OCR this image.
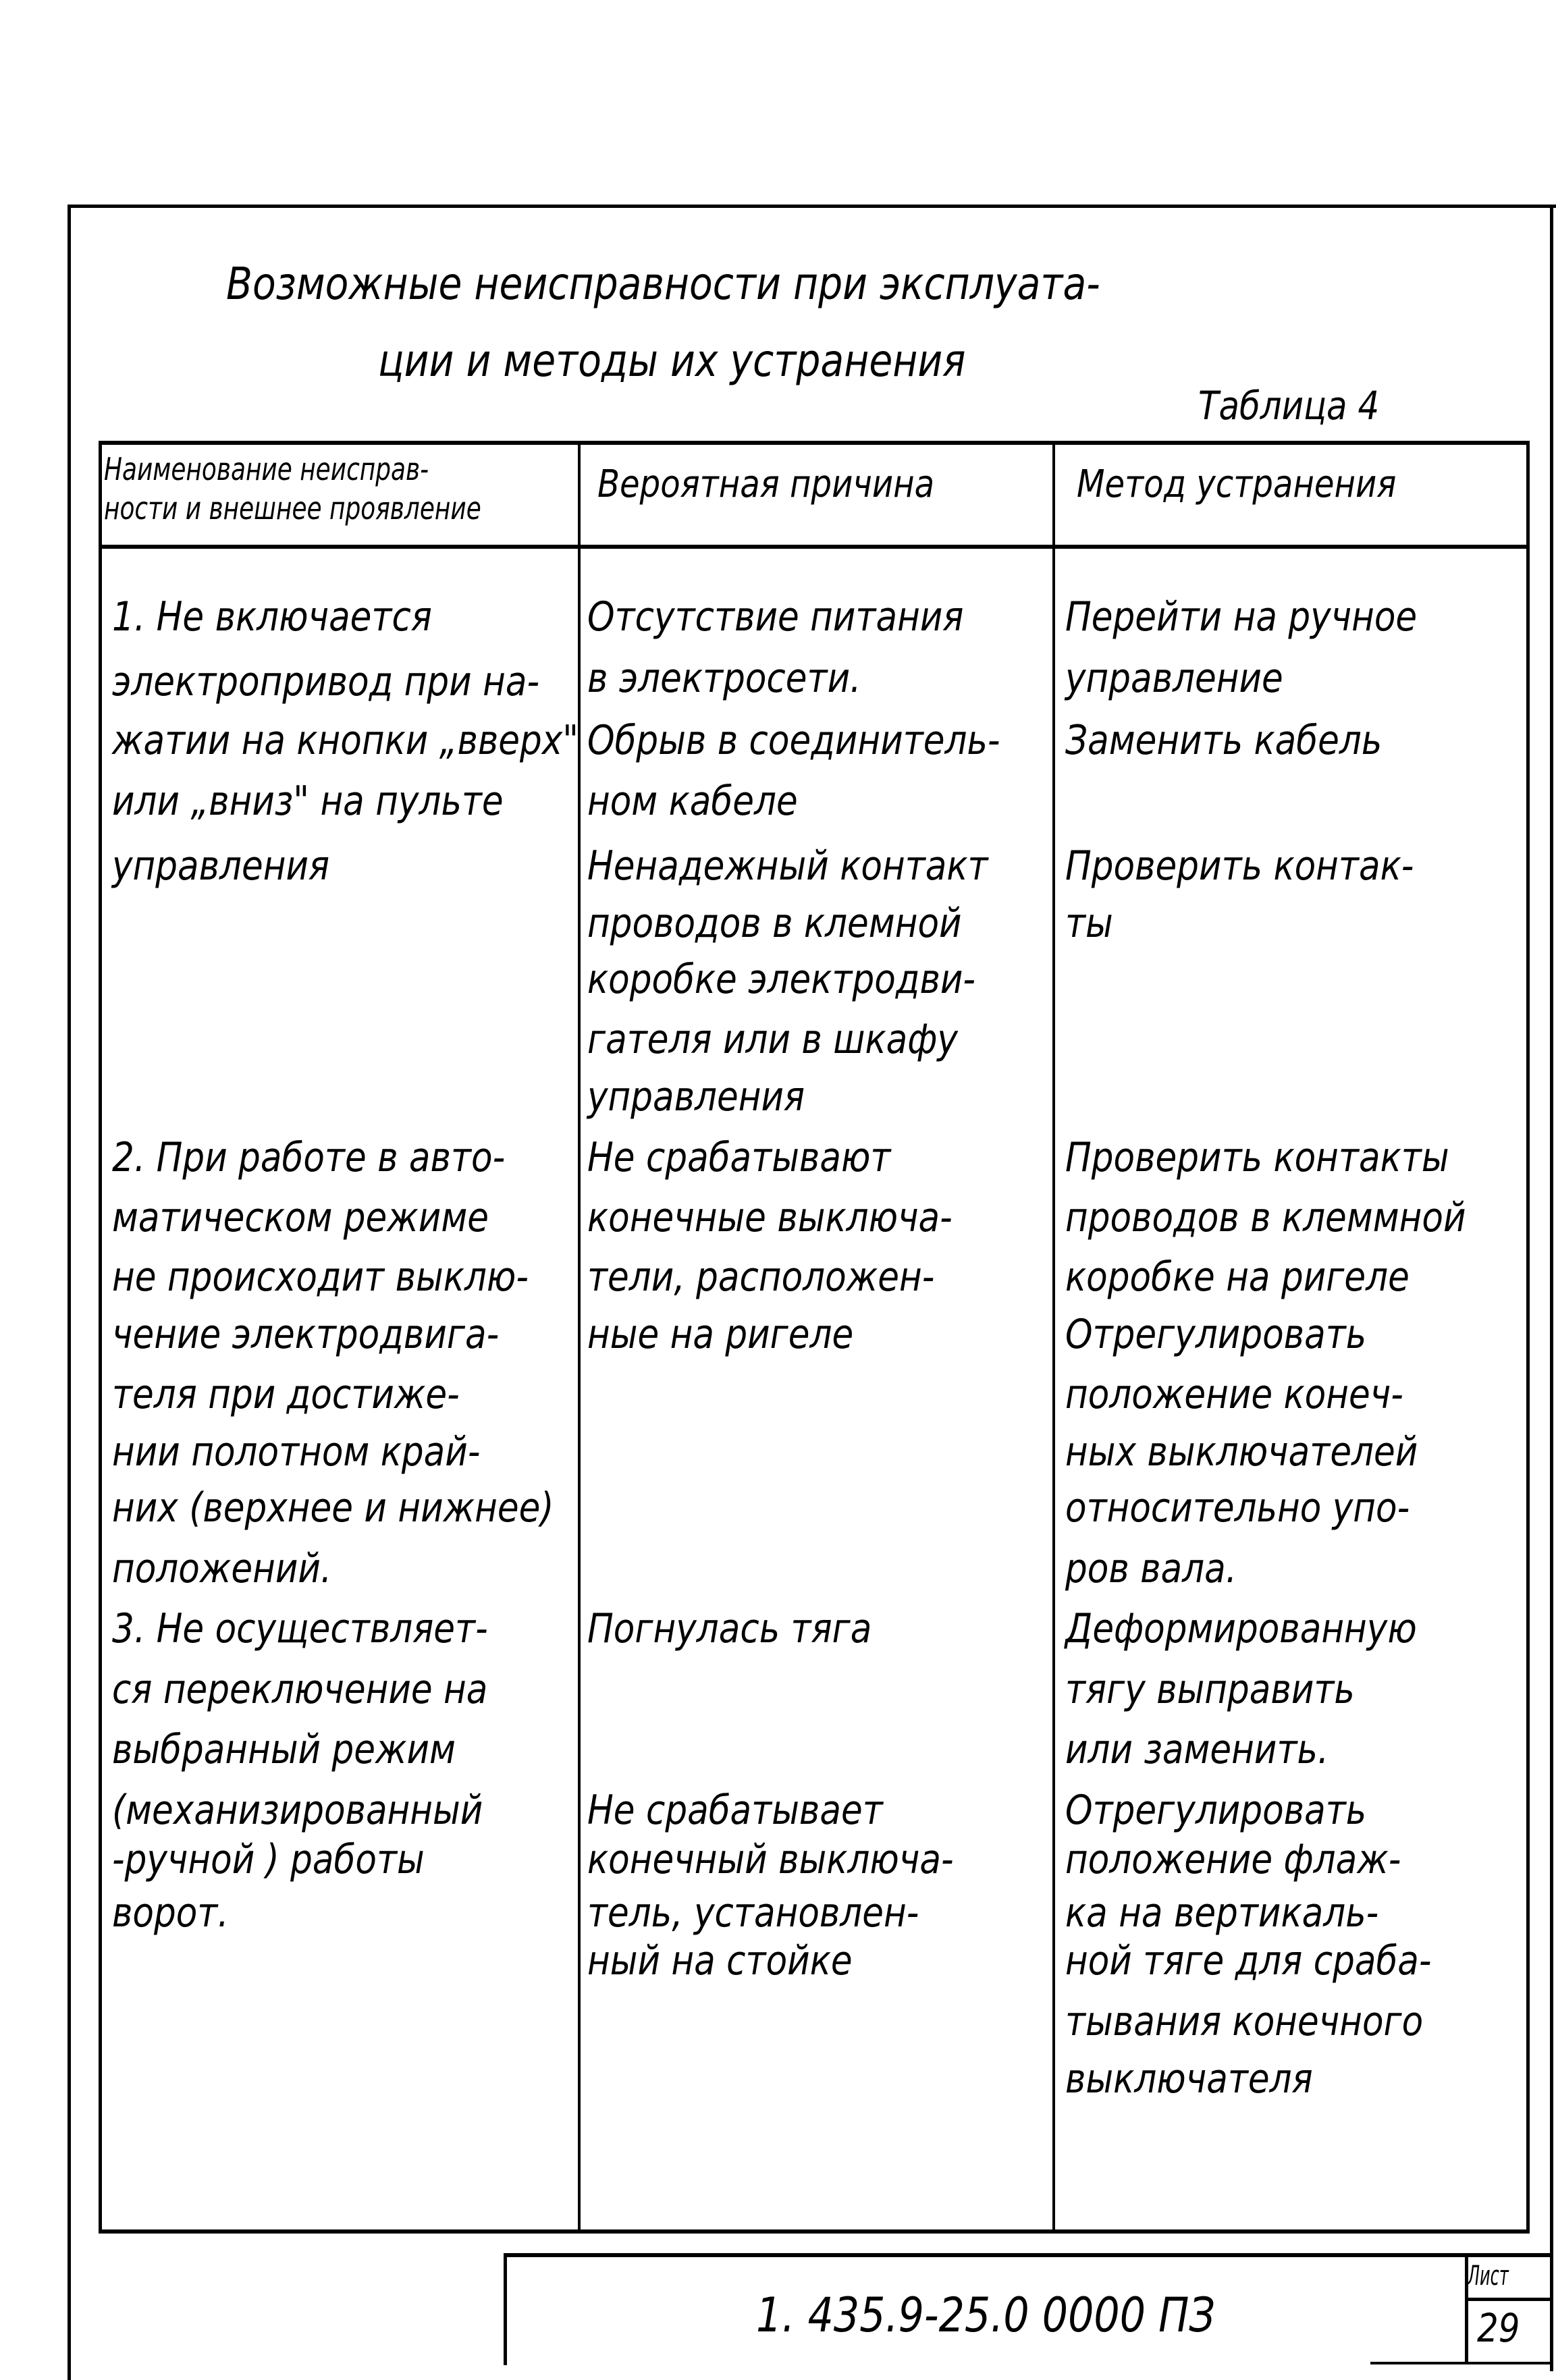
Возможные неисправности при эксплуата-
ции и методы их устранения
Таблица 4
Наименование неисправ-
ности и внешнее проявление
Вероятная причина	Метод устранения
1. Не включается
электропривод при на-
жатии на кнопки „вверх"
или „вниз" на пульте
управления
2. При работе в авто-
матическом режиме
не происходит выклю-
чение электродвига-
теля при достиже-
нии полотном край-
них (верхнее и нижнее)
положений.
3. Не осуществляет-
ся переключение на
выбранный режим
(механизированный
-ручной ) работы
ворот.
Отсутствие питания
в электросети.
Обрыв в соединитель-
ном кабеле
Ненадежный контакт
проводов в клемной
коробке электродви-
гателя или в шкафу
управления
Не срабатывают
конечные выключа-
тели, расположен-
ные на ригеле
Погнулась тяга
Не срабатывает
конечный выключа-
тель, установлен-
ный на стойке
Перейти на ручное
управление
Заменить кабель
Проверить контак-
ты
Проверить контакты
проводов в клеммной
коробке на ригеле
Отрегулировать
положение конеч-
ных выключателей
относительно упо-
ров вала.
Деформированную
тягу выправить
или заменить.
Отрегулировать
положение флаж-
ка на вертикаль-
ной тяге для сраба-
тывания конечного
выключателя
1. 435.9-25.0 0000 ПЗ
Лист
29
